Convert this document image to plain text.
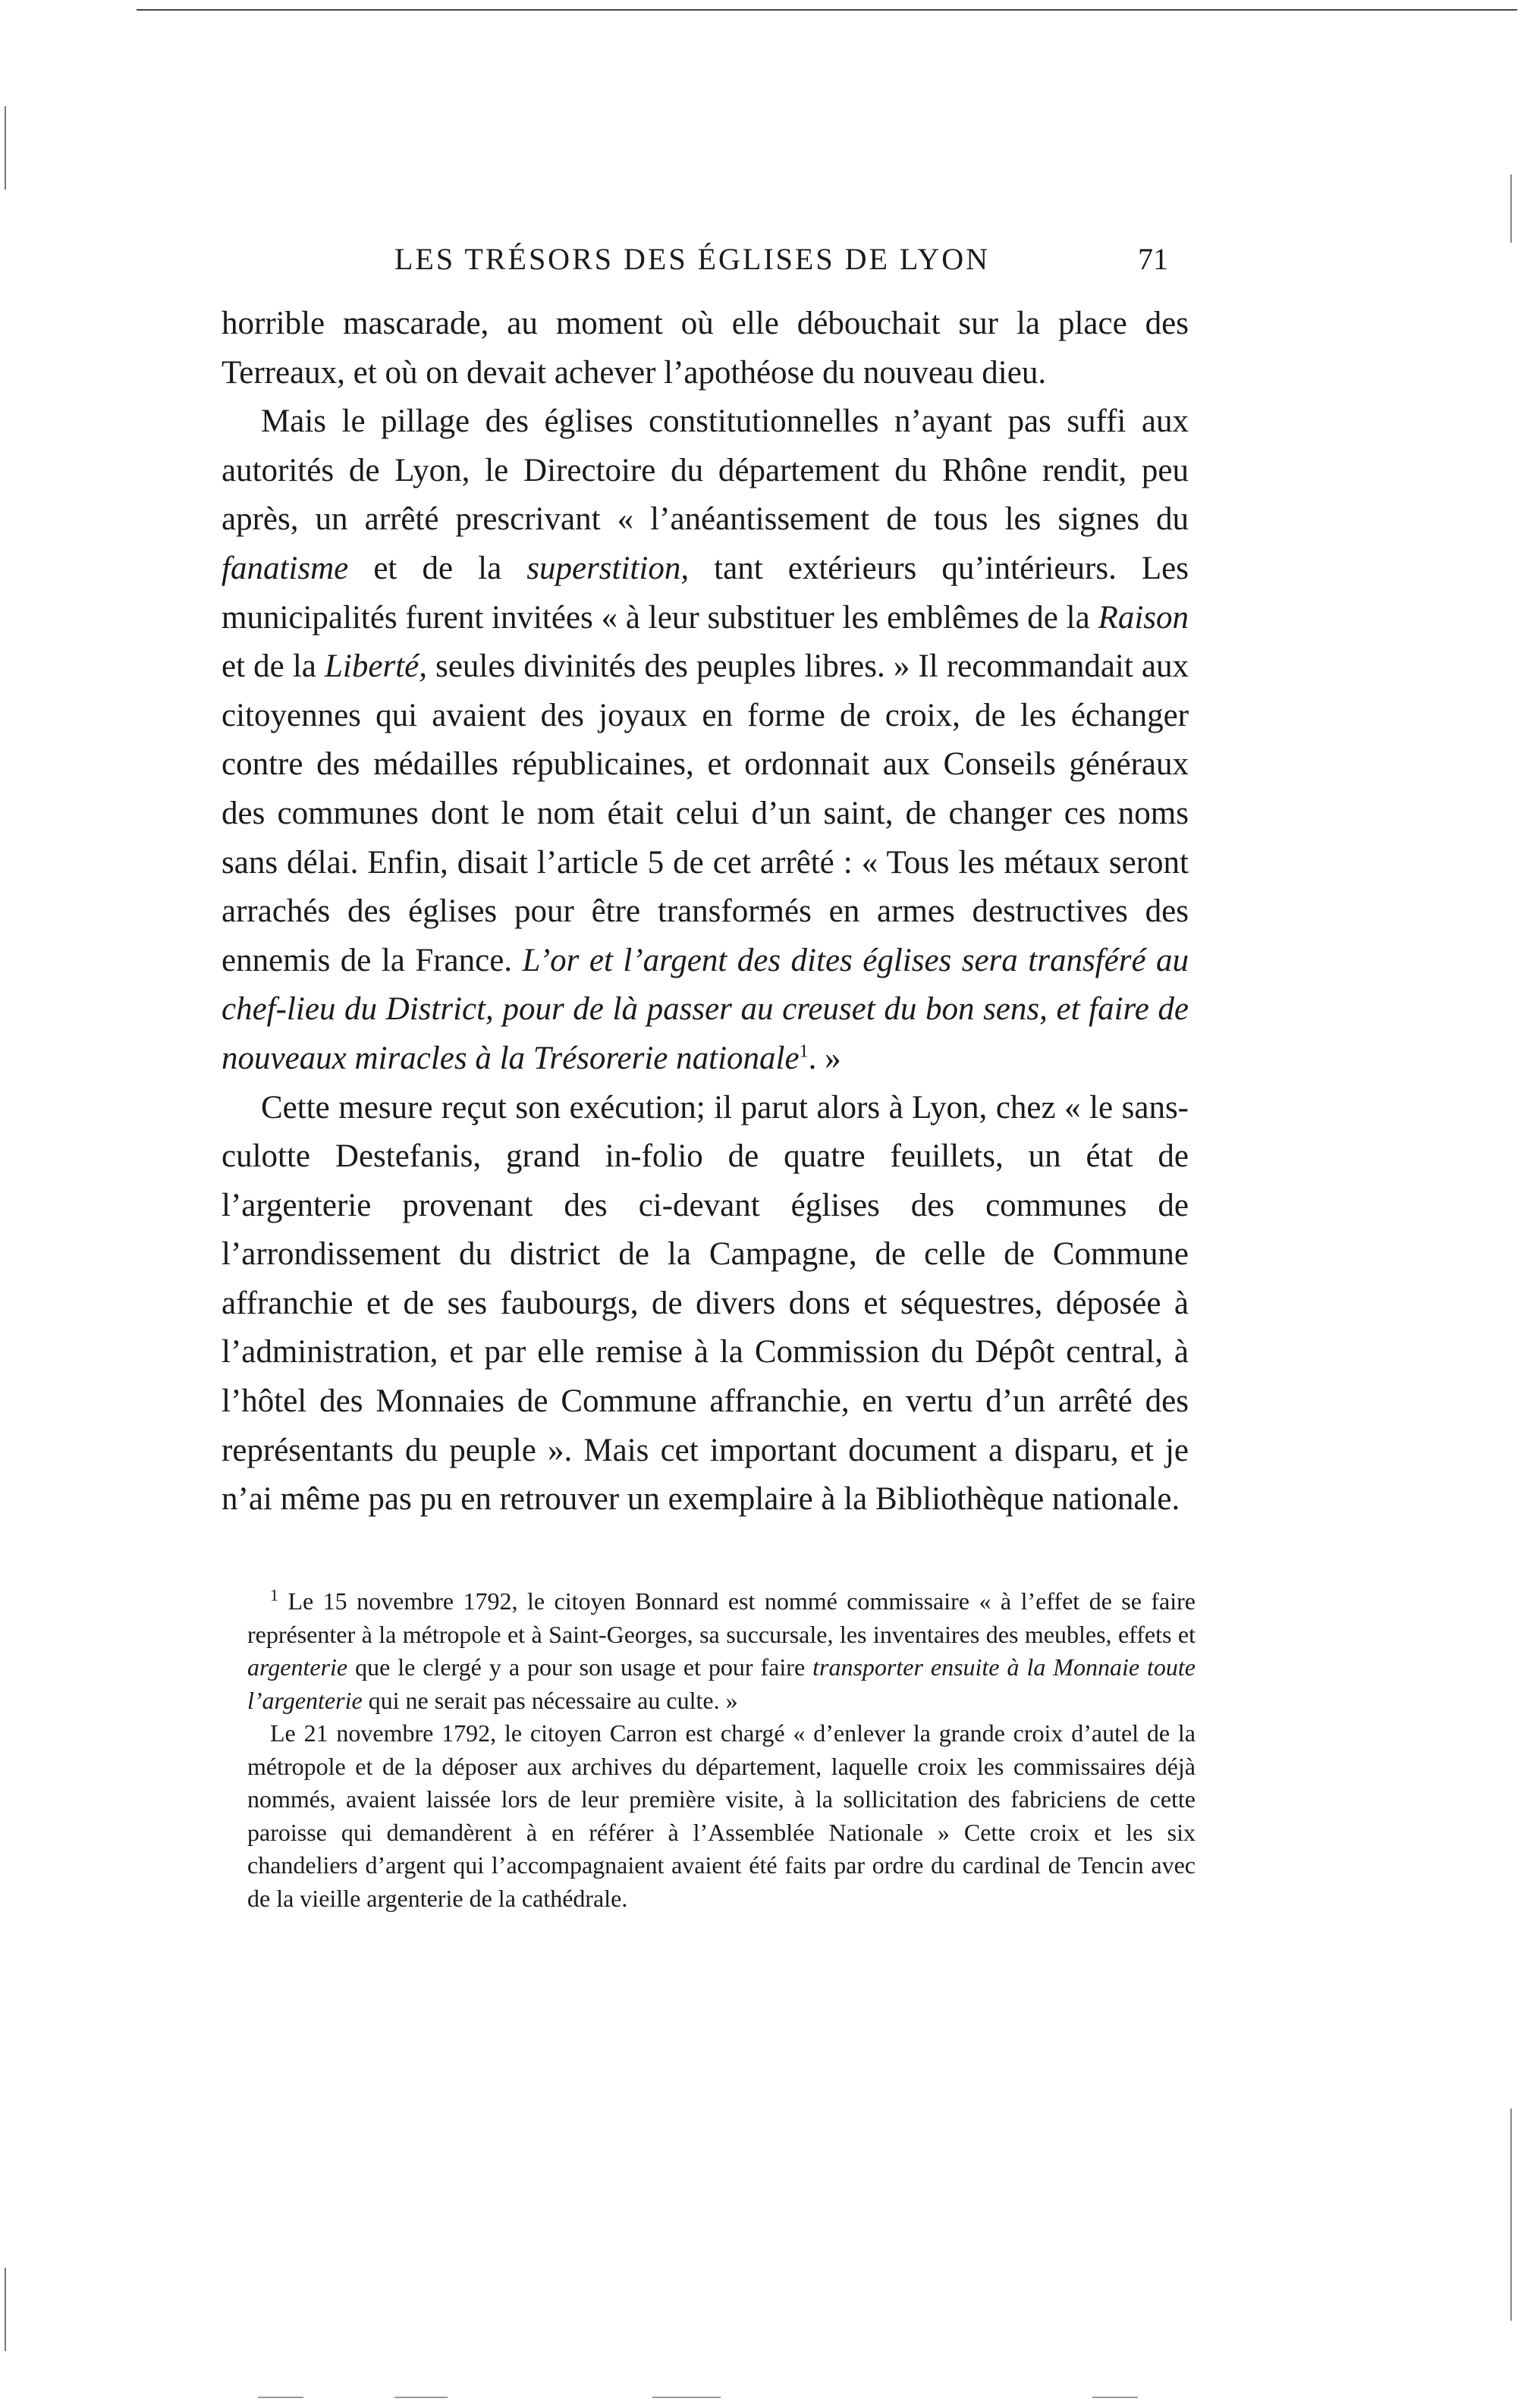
LES TRÉSORS DES ÉGLISES DE LYON	71

horrible mascarade, au moment où elle débouchait sur la place des Terreaux, et où on devait achever l’apothéose du nouveau dieu.

Mais le pillage des églises constitutionnelles n’ayant pas suffi aux autorités de Lyon, le Directoire du département du Rhône rendit, peu après, un arrêté prescrivant « l’anéantissement de tous les signes du fanatisme et de la superstition, tant extérieurs qu’intérieurs. Les municipalités furent invitées « à leur substituer les emblêmes de la Raison et de la Liberté, seules divinités des peuples libres. » Il recommandait aux citoyennes qui avaient des joyaux en forme de croix, de les échanger contre des médailles républicaines, et ordonnait aux Conseils généraux des communes dont le nom était celui d’un saint, de changer ces noms sans délai. Enfin, disait l’article 5 de cet arrêté : « Tous les métaux seront arrachés des églises pour être transformés en armes destructives des ennemis de la France. L’or et l’argent des dites églises sera transféré au chef-lieu du District, pour de là passer au creuset du bon sens, et faire de nouveaux miracles à la Trésorerie nationale$^1$. »

Cette mesure reçut son exécution; il parut alors à Lyon, chez « le sans-culotte Destefanis, grand in-folio de quatre feuillets, un état de l’argenterie provenant des ci-devant églises des communes de l’arrondissement du district de la Campagne, de celle de Commune affranchie et de ses faubourgs, de divers dons et séquestres, déposée à l’administration, et par elle remise à la Commission du Dépôt central, à l’hôtel des Monnaies de Commune affranchie, en vertu d’un arrêté des représentants du peuple ». Mais cet important document a disparu, et je n’ai même pas pu en retrouver un exemplaire à la Bibliothèque nationale.

$^1$ Le 15 novembre 1792, le citoyen Bonnard est nommé commissaire « à l’effet de se faire représenter à la métropole et à Saint-Georges, sa succursale, les inventaires des meubles, effets et argenterie que le clergé y a pour son usage et pour faire transporter ensuite à la Monnaie toute l’argenterie qui ne serait pas nécessaire au culte. »

Le 21 novembre 1792, le citoyen Carron est chargé « d’enlever la grande croix d’autel de la métropole et de la déposer aux archives du département, laquelle croix les commissaires déjà nommés, avaient laissée lors de leur première visite, à la sollicitation des fabriciens de cette paroisse qui demandèrent à en référer à l’Assemblée Nationale » Cette croix et les six chandeliers d’argent qui l’accompagnaient avaient été faits par ordre du cardinal de Tencin avec de la vieille argenterie de la cathédrale.
